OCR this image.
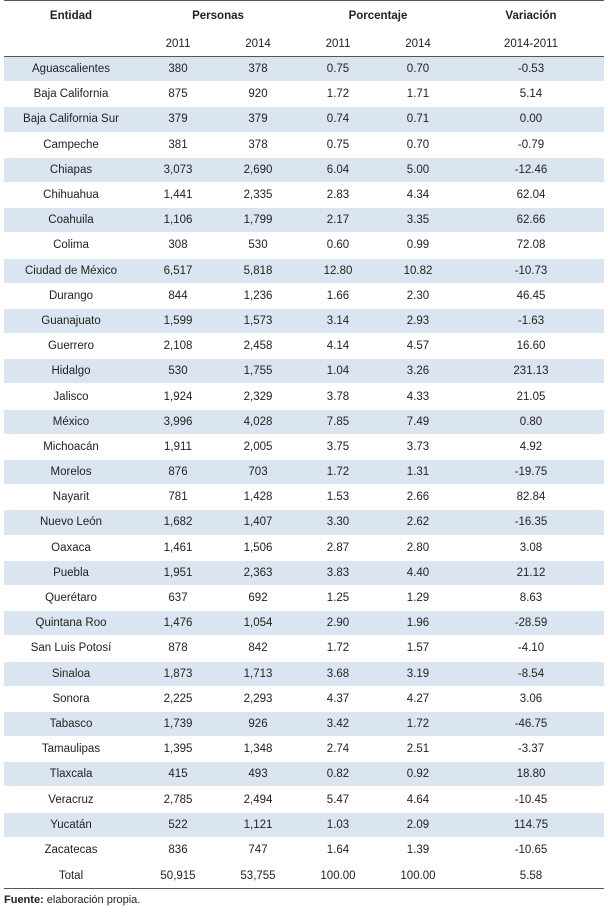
Entidad	Personas		Porcentaje		Variación
	2011	2014	2011	2014	2014-2011
Aguascalientes	380	378	0.75	0.70	-0.53
Baja California	875	920	1.72	1.71	5.14
Baja California Sur	379	379	0.74	0.71	0.00
Campeche	381	378	0.75	0.70	-0.79
Chiapas	3,073	2,690	6.04	5.00	-12.46
Chihuahua	1,441	2,335	2.83	4.34	62.04
Coahuila	1,106	1,799	2.17	3.35	62.66
Colima	308	530	0.60	0.99	72.08
Ciudad de México	6,517	5,818	12.80	10.82	-10.73
Durango	844	1,236	1.66	2.30	46.45
Guanajuato	1,599	1,573	3.14	2.93	-1.63
Guerrero	2,108	2,458	4.14	4.57	16.60
Hidalgo	530	1,755	1.04	3.26	231.13
Jalisco	1,924	2,329	3.78	4.33	21.05
México	3,996	4,028	7.85	7.49	0.80
Michoacán	1,911	2,005	3.75	3.73	4.92
Morelos	876	703	1.72	1.31	-19.75
Nayarit	781	1,428	1.53	2.66	82.84
Nuevo León	1,682	1,407	3.30	2.62	-16.35
Oaxaca	1,461	1,506	2.87	2.80	3.08
Puebla	1,951	2,363	3.83	4.40	21.12
Querétaro	637	692	1.25	1.29	8.63
Quintana Roo	1,476	1,054	2.90	1.96	-28.59
San Luis Potosí	878	842	1.72	1.57	-4.10
Sinaloa	1,873	1,713	3.68	3.19	-8.54
Sonora	2,225	2,293	4.37	4.27	3.06
Tabasco	1,739	926	3.42	1.72	-46.75
Tamaulipas	1,395	1,348	2.74	2.51	-3.37
Tlaxcala	415	493	0.82	0.92	18.80
Veracruz	2,785	2,494	5.47	4.64	-10.45
Yucatán	522	1,121	1.03	2.09	114.75
Zacatecas	836	747	1.64	1.39	-10.65
Total	50,915	53,755	100.00	100.00	5.58
Fuente: elaboración propia.
